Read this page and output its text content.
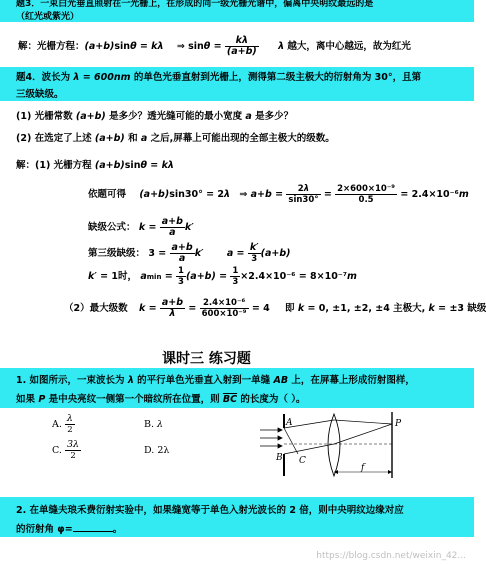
题3．一束白光垂直照射在一光栅上，在形成的同一级光栅光谱中，偏离中央明纹最远的是
（红光或紫光）
解：光栅方程：(a+b)sinθ = kλ ⇒ $\sin\theta = \frac{k\lambda}{(a+b)}$ λ 越大，离中心越远，故为红光
题4．波长为 λ = 600nm 的单色光垂直射到光栅上，测得第二级主极大的衍射角为 30°，且第
三级缺级。
(1) 光栅常数 (a+b) 是多少？透光缝可能的最小宽度 a 是多少？
(2) 在选定了上述 (a+b) 和 a 之后,屏幕上可能出现的全部主极大的级数。
解：(1) 光栅方程 (a+b)sinθ = kλ
依题可得 (a+b)sin30° = 2λ ⇒ $a+b = \frac{2\lambda}{\sin 30^\circ} = \frac{\text{2×600×10⁻⁹}}{0.5} = 2.4\times 10^{-6}m$
缺级公式： $k = \frac{a+b}{a} k'$
第三级缺级： $3 = \frac{a+b}{a} k'$ $a = \frac{k'}{3} (a+b)$
k′ = 1时， $amin = \frac{1}{3} (a+b) = \frac{1}{3} \times 2.4\times 10^{-6} = 8\times 10^{-7}m$
（2）最大级数 $k = \frac{a+b}{\lambda} = \frac{\text{2.4×10⁻⁶}}{\text{600×10⁻⁹}} = 4$ 即 k = 0, ±1, ±2, ±4 主极大, k = ±3 缺级
课时三 练习题
1. 如图所示，一束波长为 λ 的平行单色光垂直入射到一单缝 AB 上，在屏幕上形成衍射图样，
如果 P 是中央亮纹一侧第一个暗纹所在位置，则 $\overline{BC}$ 的长度为（ ）。
A. $\frac{\lambda}{2}$	B. λ
C. $\frac{3\lambda}{2}$	D. 2λ
A
B C
P
f
2. 在单缝夫琅禾费衍射实验中，如果缝宽等于单色入射光波长的 2 倍，则中央明纹边缘对应
的衍射角 φ=	。
https://blog.csdn.net/weixin_42...
